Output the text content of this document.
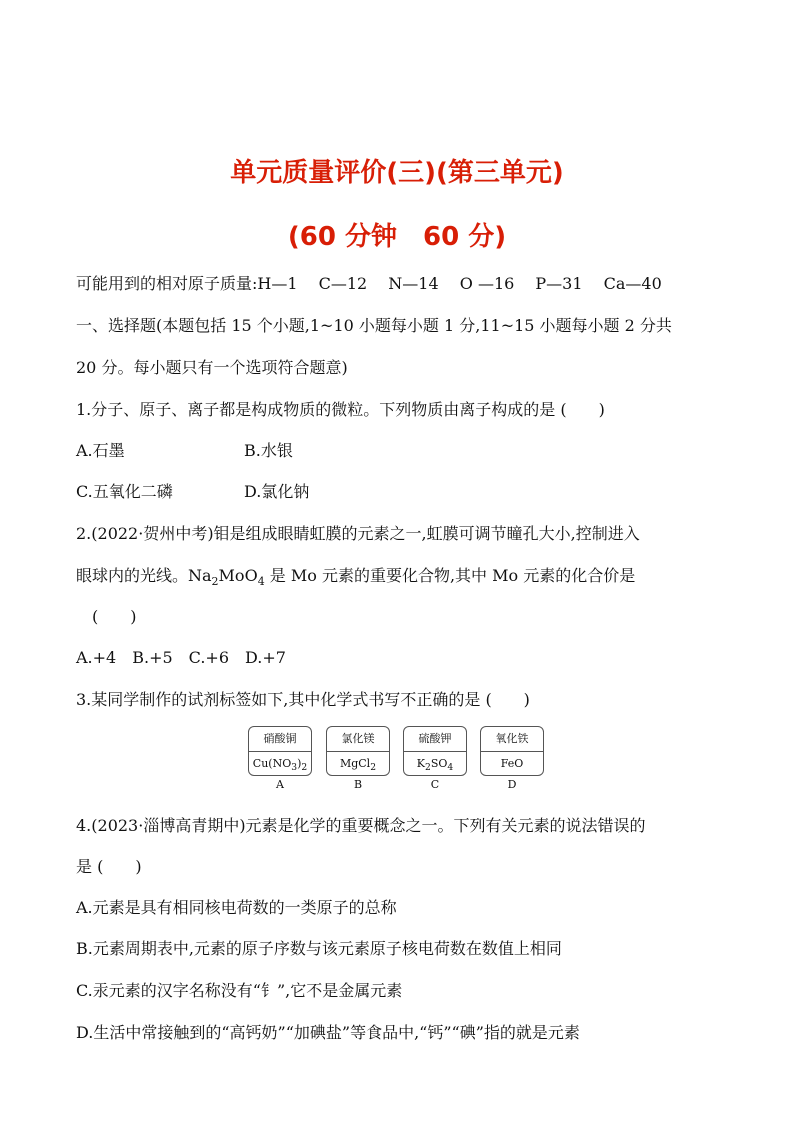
单元质量评价(三)(第三单元)
(60 分钟　60 分)
可能用到的相对原子质量:H—1　 C—12　 N—14　 O —16　 P—31　 Ca—40
一、选择题(本题包括 15 个小题,1~10 小题每小题 1 分,11~15 小题每小题 2 分共
20 分。每小题只有一个选项符合题意)
1.分子、原子、离子都是构成物质的微粒。下列物质由离子构成的是 (　　)
A.石墨	B.水银
C.五氧化二磷	D.氯化钠
2.(2022·贺州中考)钼是组成眼睛虹膜的元素之一,虹膜可调节瞳孔大小,控制进入
眼球内的光线。$Na_2MoO_4$ 是 Mo 元素的重要化合物,其中 Mo 元素的化合价是
(　　)
A.+4　B.+5　C.+6　D.+7
3.某同学制作的试剂标签如下,其中化学式书写不正确的是 (　　)
硝酸铜
$Cu(NO_3)_2$
A
氯化镁
MgCl$_2$
B
硫酸钾
$K_2SO_4$
C
氧化铁
FeO
D
4.(2023·淄博高青期中)元素是化学的重要概念之一。下列有关元素的说法错误的
是 (　　)
A.元素是具有相同核电荷数的一类原子的总称
B.元素周期表中,元素的原子序数与该元素原子核电荷数在数值上相同
C.汞元素的汉字名称没有“钅”,它不是金属元素
D.生活中常接触到的“高钙奶”“加碘盐”等食品中,“钙”“碘”指的就是元素
